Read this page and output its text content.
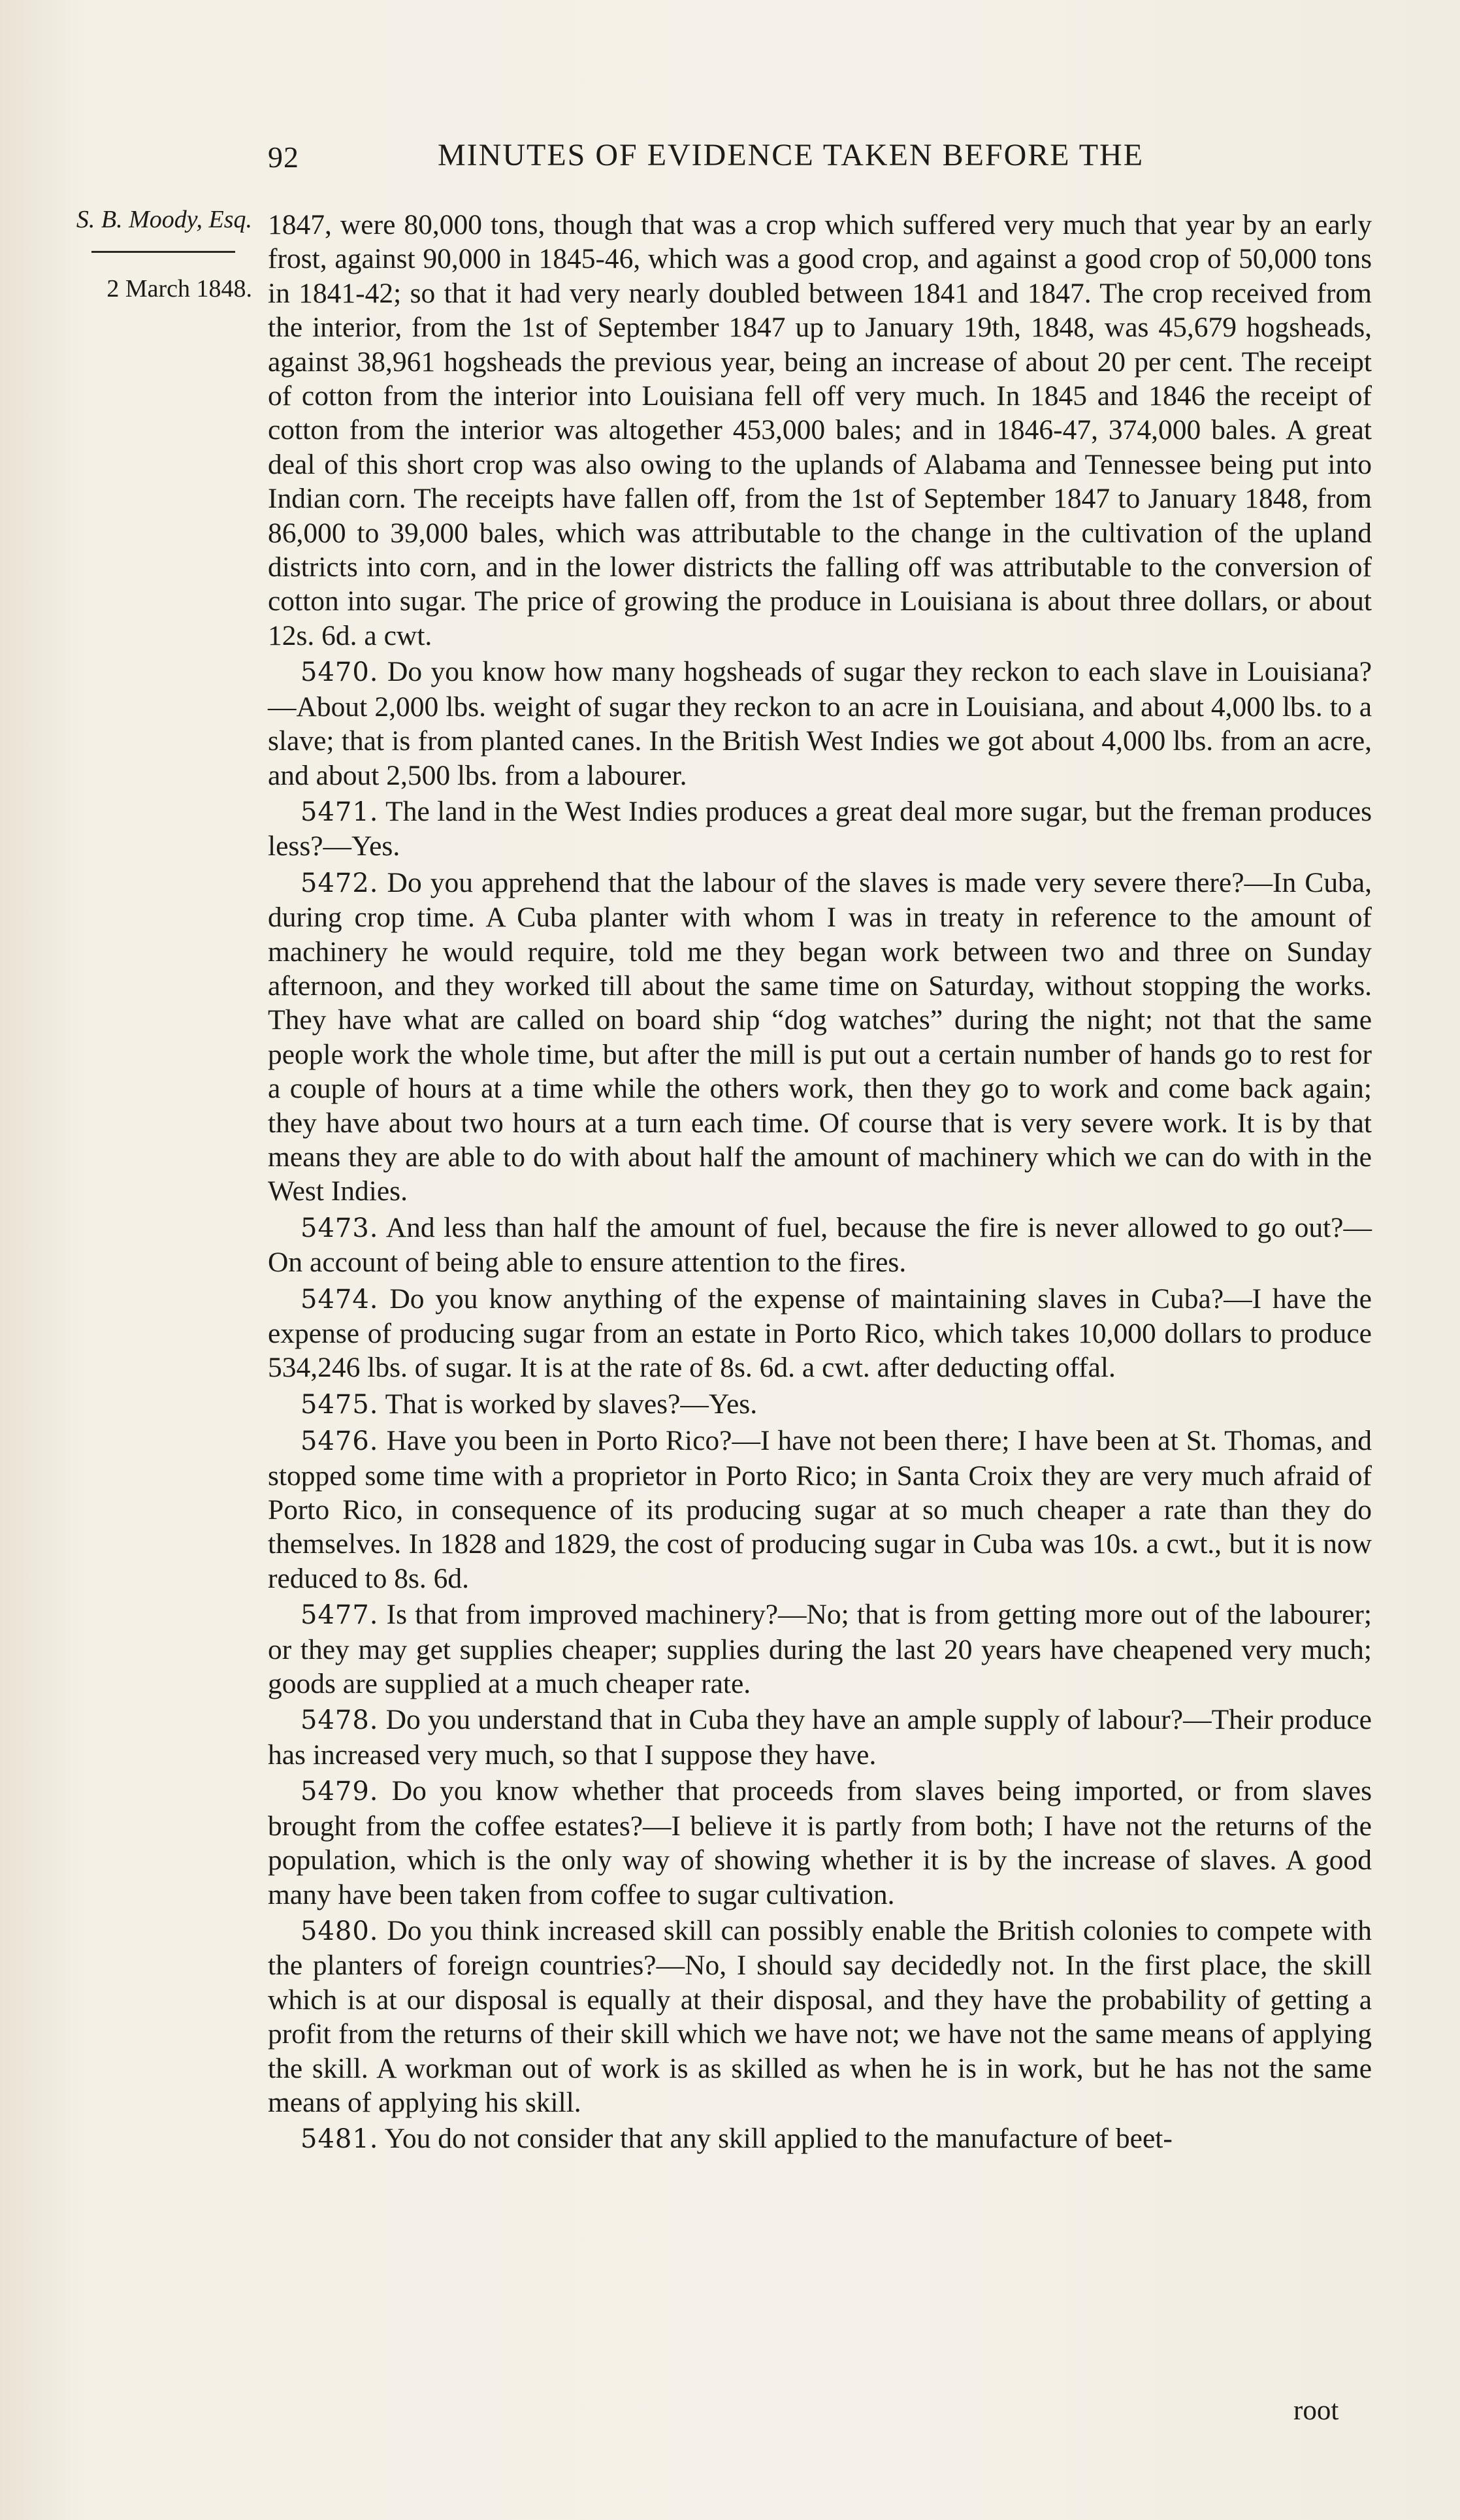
92	MINUTES OF EVIDENCE TAKEN BEFORE THE
S. B. Moody, Esq.
2 March 1848.

1847, were 80,000 tons, though that was a crop which suffered very much that year by an early frost, against 90,000 in 1845-46, which was a good crop, and against a good crop of 50,000 tons in 1841-42; so that it had very nearly doubled between 1841 and 1847. The crop received from the interior, from the 1st of September 1847 up to January 19th, 1848, was 45,679 hogsheads, against 38,961 hogsheads the previous year, being an increase of about 20 per cent. The receipt of cotton from the interior into Louisiana fell off very much. In 1845 and 1846 the receipt of cotton from the interior was altogether 453,000 bales; and in 1846-47, 374,000 bales. A great deal of this short crop was also owing to the uplands of Alabama and Tennessee being put into Indian corn. The receipts have fallen off, from the 1st of September 1847 to January 1848, from 86,000 to 39,000 bales, which was attributable to the change in the cultivation of the upland districts into corn, and in the lower districts the falling off was attributable to the conversion of cotton into sugar. The price of growing the produce in Louisiana is about three dollars, or about 12s. 6d. a cwt.

5470. Do you know how many hogsheads of sugar they reckon to each slave in Louisiana?—About 2,000 lbs. weight of sugar they reckon to an acre in Louisiana, and about 4,000 lbs. to a slave; that is from planted canes. In the British West Indies we got about 4,000 lbs. from an acre, and about 2,500 lbs. from a labourer.

5471. The land in the West Indies produces a great deal more sugar, but the freman produces less?—Yes.

5472. Do you apprehend that the labour of the slaves is made very severe there?—In Cuba, during crop time. A Cuba planter with whom I was in treaty in reference to the amount of machinery he would require, told me they began work between two and three on Sunday afternoon, and they worked till about the same time on Saturday, without stopping the works. They have what are called on board ship “dog watches” during the night; not that the same people work the whole time, but after the mill is put out a certain number of hands go to rest for a couple of hours at a time while the others work, then they go to work and come back again; they have about two hours at a turn each time. Of course that is very severe work. It is by that means they are able to do with about half the amount of machinery which we can do with in the West Indies.

5473. And less than half the amount of fuel, because the fire is never allowed to go out?—On account of being able to ensure attention to the fires.

5474. Do you know anything of the expense of maintaining slaves in Cuba?—I have the expense of producing sugar from an estate in Porto Rico, which takes 10,000 dollars to produce 534,246 lbs. of sugar. It is at the rate of 8s. 6d. a cwt. after deducting offal.

5475. That is worked by slaves?—Yes.

5476. Have you been in Porto Rico?—I have not been there; I have been at St. Thomas, and stopped some time with a proprietor in Porto Rico; in Santa Croix they are very much afraid of Porto Rico, in consequence of its producing sugar at so much cheaper a rate than they do themselves. In 1828 and 1829, the cost of producing sugar in Cuba was 10s. a cwt., but it is now reduced to 8s. 6d.

5477. Is that from improved machinery?—No; that is from getting more out of the labourer; or they may get supplies cheaper; supplies during the last 20 years have cheapened very much; goods are supplied at a much cheaper rate.

5478. Do you understand that in Cuba they have an ample supply of labour?—Their produce has increased very much, so that I suppose they have.

5479. Do you know whether that proceeds from slaves being imported, or from slaves brought from the coffee estates?—I believe it is partly from both; I have not the returns of the population, which is the only way of showing whether it is by the increase of slaves. A good many have been taken from coffee to sugar cultivation.

5480. Do you think increased skill can possibly enable the British colonies to compete with the planters of foreign countries?—No, I should say decidedly not. In the first place, the skill which is at our disposal is equally at their disposal, and they have the probability of getting a profit from the returns of their skill which we have not; we have not the same means of applying the skill. A workman out of work is as skilled as when he is in work, but he has not the same means of applying his skill.

5481. You do not consider that any skill applied to the manufacture of beet-

root
